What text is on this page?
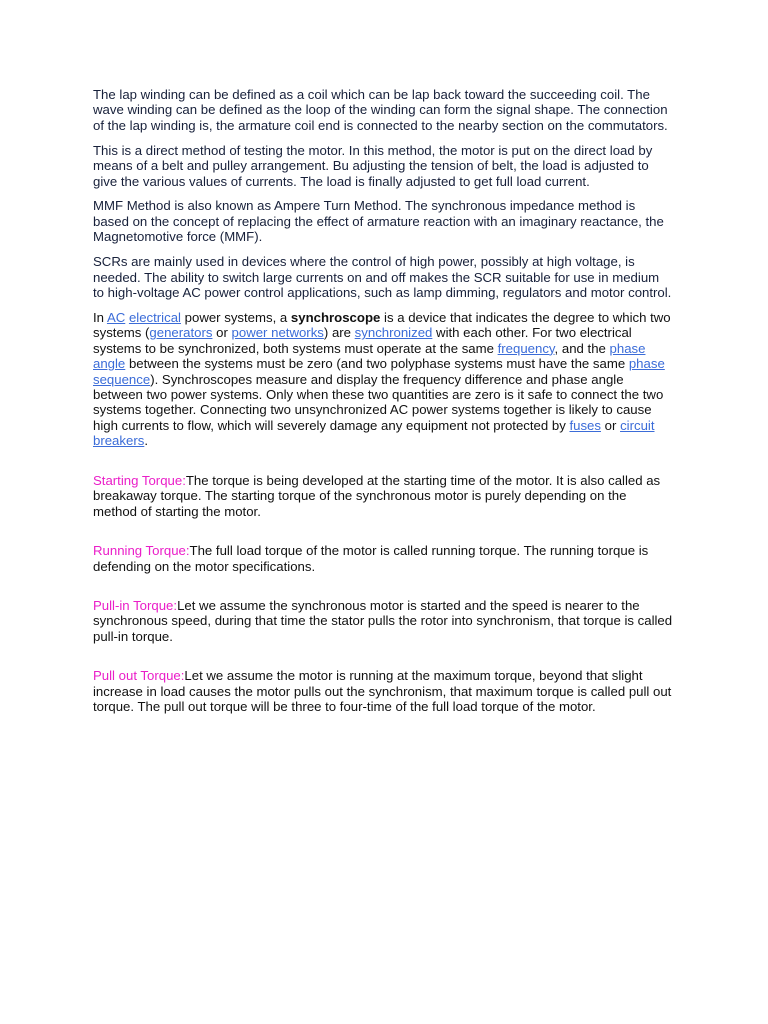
The lap winding can be defined as a coil which can be lap back toward the succeeding coil. The wave winding can be defined as the loop of the winding can form the signal shape. The connection of the lap winding is, the armature coil end is connected to the nearby section on the commutators.

This is a direct method of testing the motor. In this method, the motor is put on the direct load by means of a belt and pulley arrangement. Bu adjusting the tension of belt, the load is adjusted to give the various values of currents. The load is finally adjusted to get full load current.

MMF Method is also known as Ampere Turn Method. The synchronous impedance method is based on the concept of replacing the effect of armature reaction with an imaginary reactance, the Magnetomotive force (MMF).

SCRs are mainly used in devices where the control of high power, possibly at high voltage, is needed. The ability to switch large currents on and off makes the SCR suitable for use in medium to high-voltage AC power control applications, such as lamp dimming, regulators and motor control.

In AC electrical power systems, a synchroscope is a device that indicates the degree to which two systems (generators or power networks) are synchronized with each other. For two electrical systems to be synchronized, both systems must operate at the same frequency, and the phase angle between the systems must be zero (and two polyphase systems must have the same phase sequence). Synchroscopes measure and display the frequency difference and phase angle between two power systems. Only when these two quantities are zero is it safe to connect the two systems together. Connecting two unsynchronized AC power systems together is likely to cause high currents to flow, which will severely damage any equipment not protected by fuses or circuit breakers.

Starting Torque:The torque is being developed at the starting time of the motor. It is also called as breakaway torque. The starting torque of the synchronous motor is purely depending on the method of starting the motor.

Running Torque:The full load torque of the motor is called running torque. The running torque is defending on the motor specifications.

Pull-in Torque:Let we assume the synchronous motor is started and the speed is nearer to the synchronous speed, during that time the stator pulls the rotor into synchronism, that torque is called pull-in torque.

Pull out Torque:Let we assume the motor is running at the maximum torque, beyond that slight increase in load causes the motor pulls out the synchronism, that maximum torque is called pull out torque. The pull out torque will be three to four-time of the full load torque of the motor.
